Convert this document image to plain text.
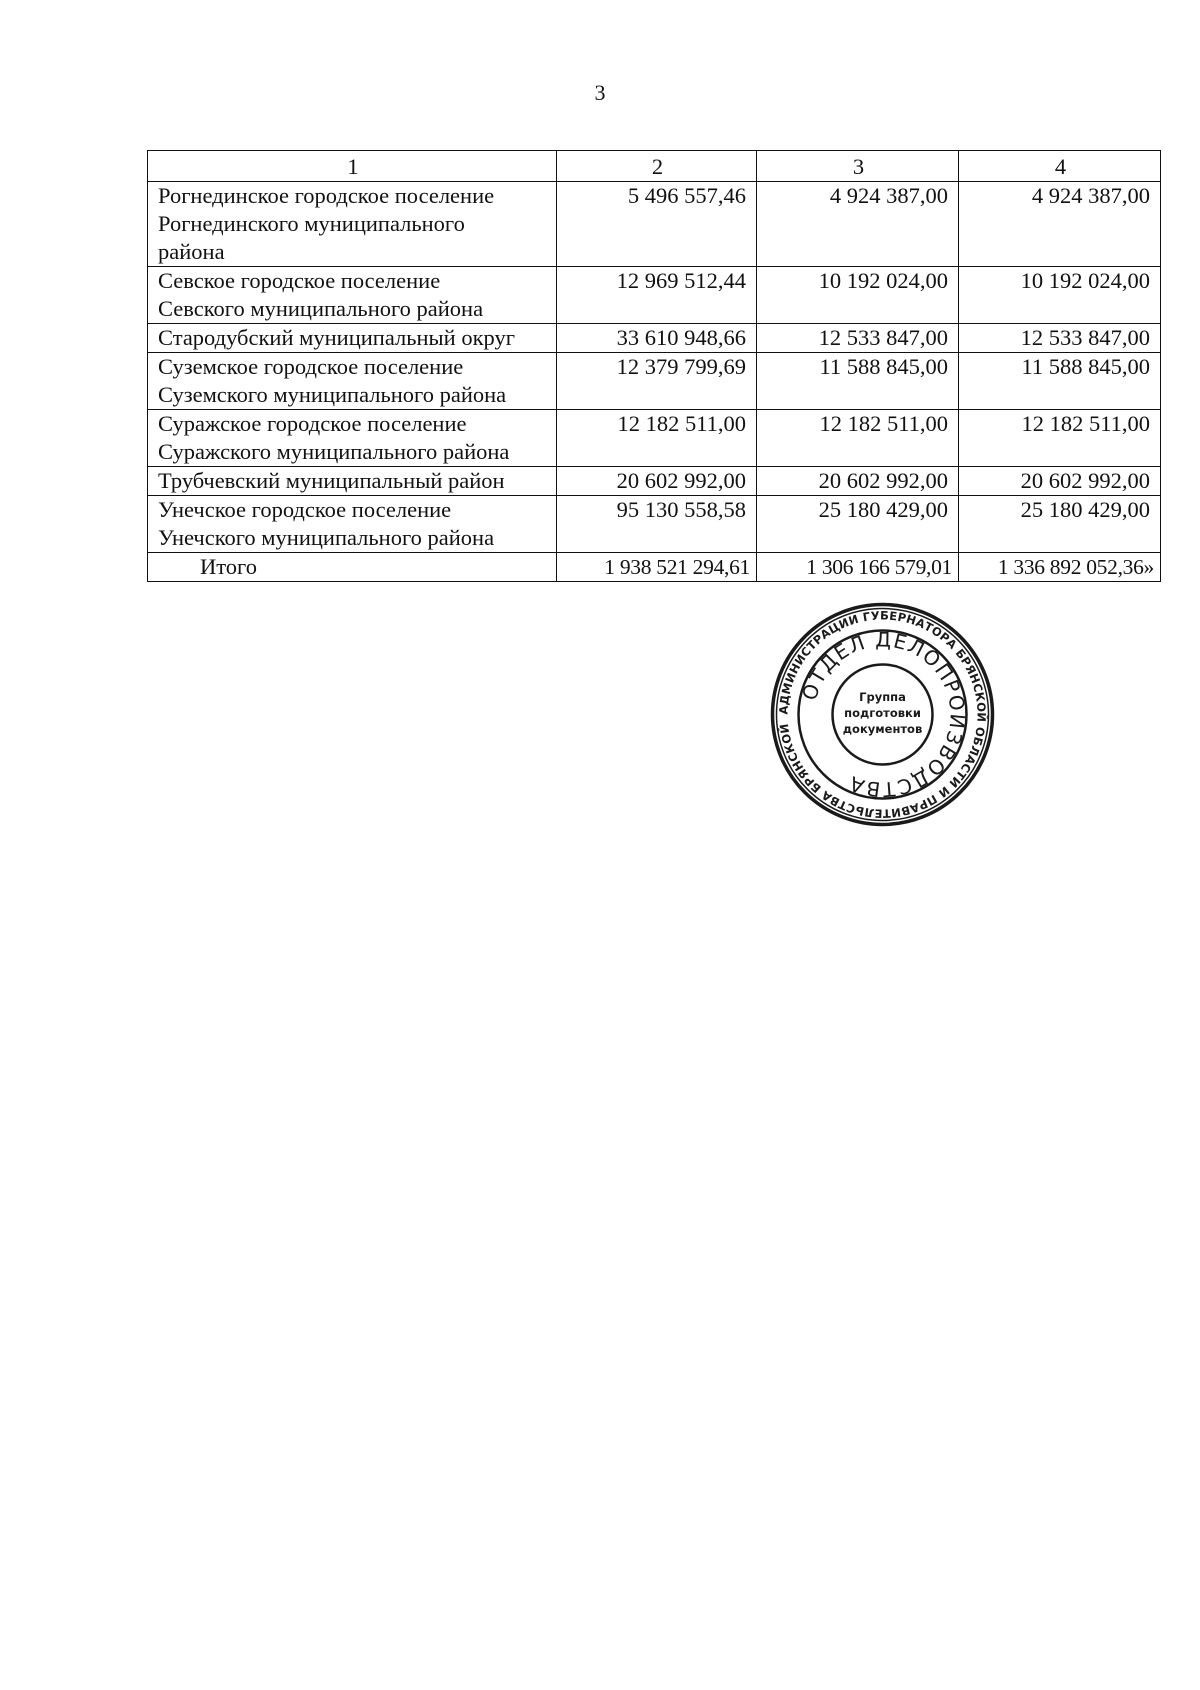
3
1	2	3	4

Рогнединское городское поселение
Рогнединского муниципального
района	5 496 557,46	4 924 387,00	4 924 387,00

Севское городское поселение
Севского муниципального района	12 969 512,44	10 192 024,00	10 192 024,00

Стародубский муниципальный округ	33 610 948,66	12 533 847,00	12 533 847,00

Суземское городское поселение
Суземского муниципального района	12 379 799,69	11 588 845,00	11 588 845,00

Суражское городское поселение
Суражского муниципального района	12 182 511,00	12 182 511,00	12 182 511,00

Трубчевский муниципальный район	20 602 992,00	20 602 992,00	20 602 992,00

Унечское городское поселение
Унечского муниципального района	95 130 558,58	25 180 429,00	25 180 429,00
Итого	1 938 521 294,61	1 306 166 579,01	1 336 892 052,36»
АДМИНИСТРАЦИИ ГУБЕРНАТОРА БРЯНСКОЙ ОБЛАСТИ И ПРАВИТЕЛЬСТВА БРЯНСКОЙ
ОТДЕЛ ДЕЛОПРОИЗВОДСТВА
Группа
подготовки
документов
